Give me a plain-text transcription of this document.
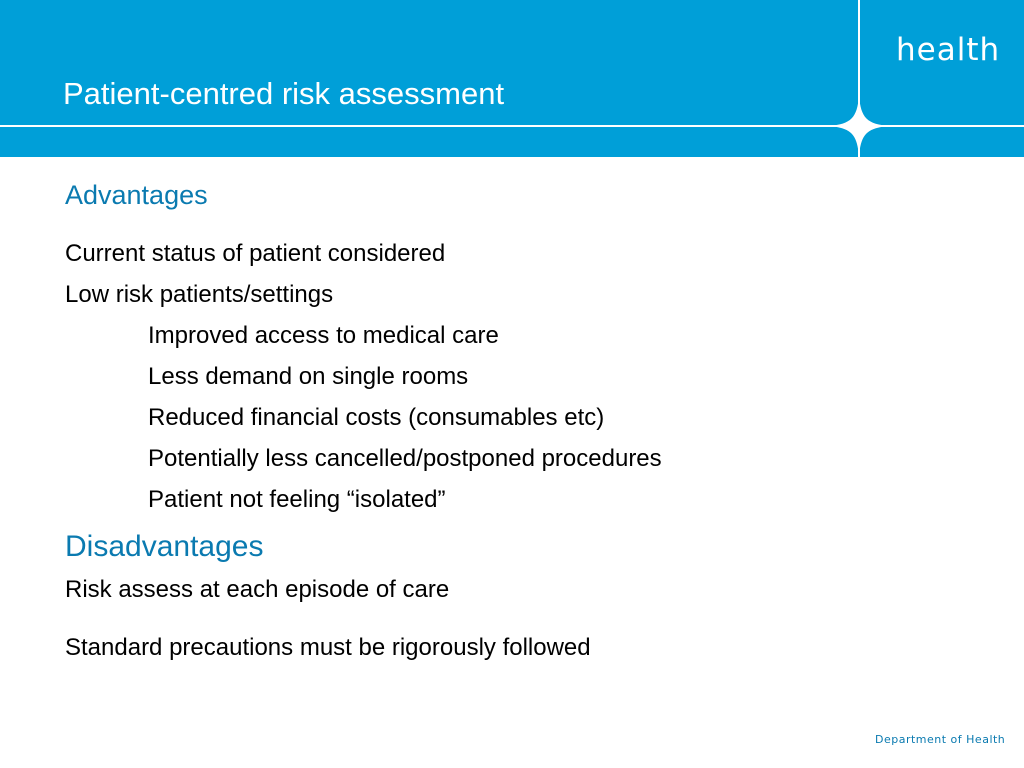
health
Patient-centred risk assessment
Advantages
Current status of patient considered
Low risk patients/settings
Improved access to medical care
Less demand on single rooms
Reduced financial costs (consumables etc)
Potentially less cancelled/postponed procedures
Patient not feeling “isolated”
Disadvantages
Risk assess at each episode of care
Standard precautions must be rigorously followed
Department of Health
